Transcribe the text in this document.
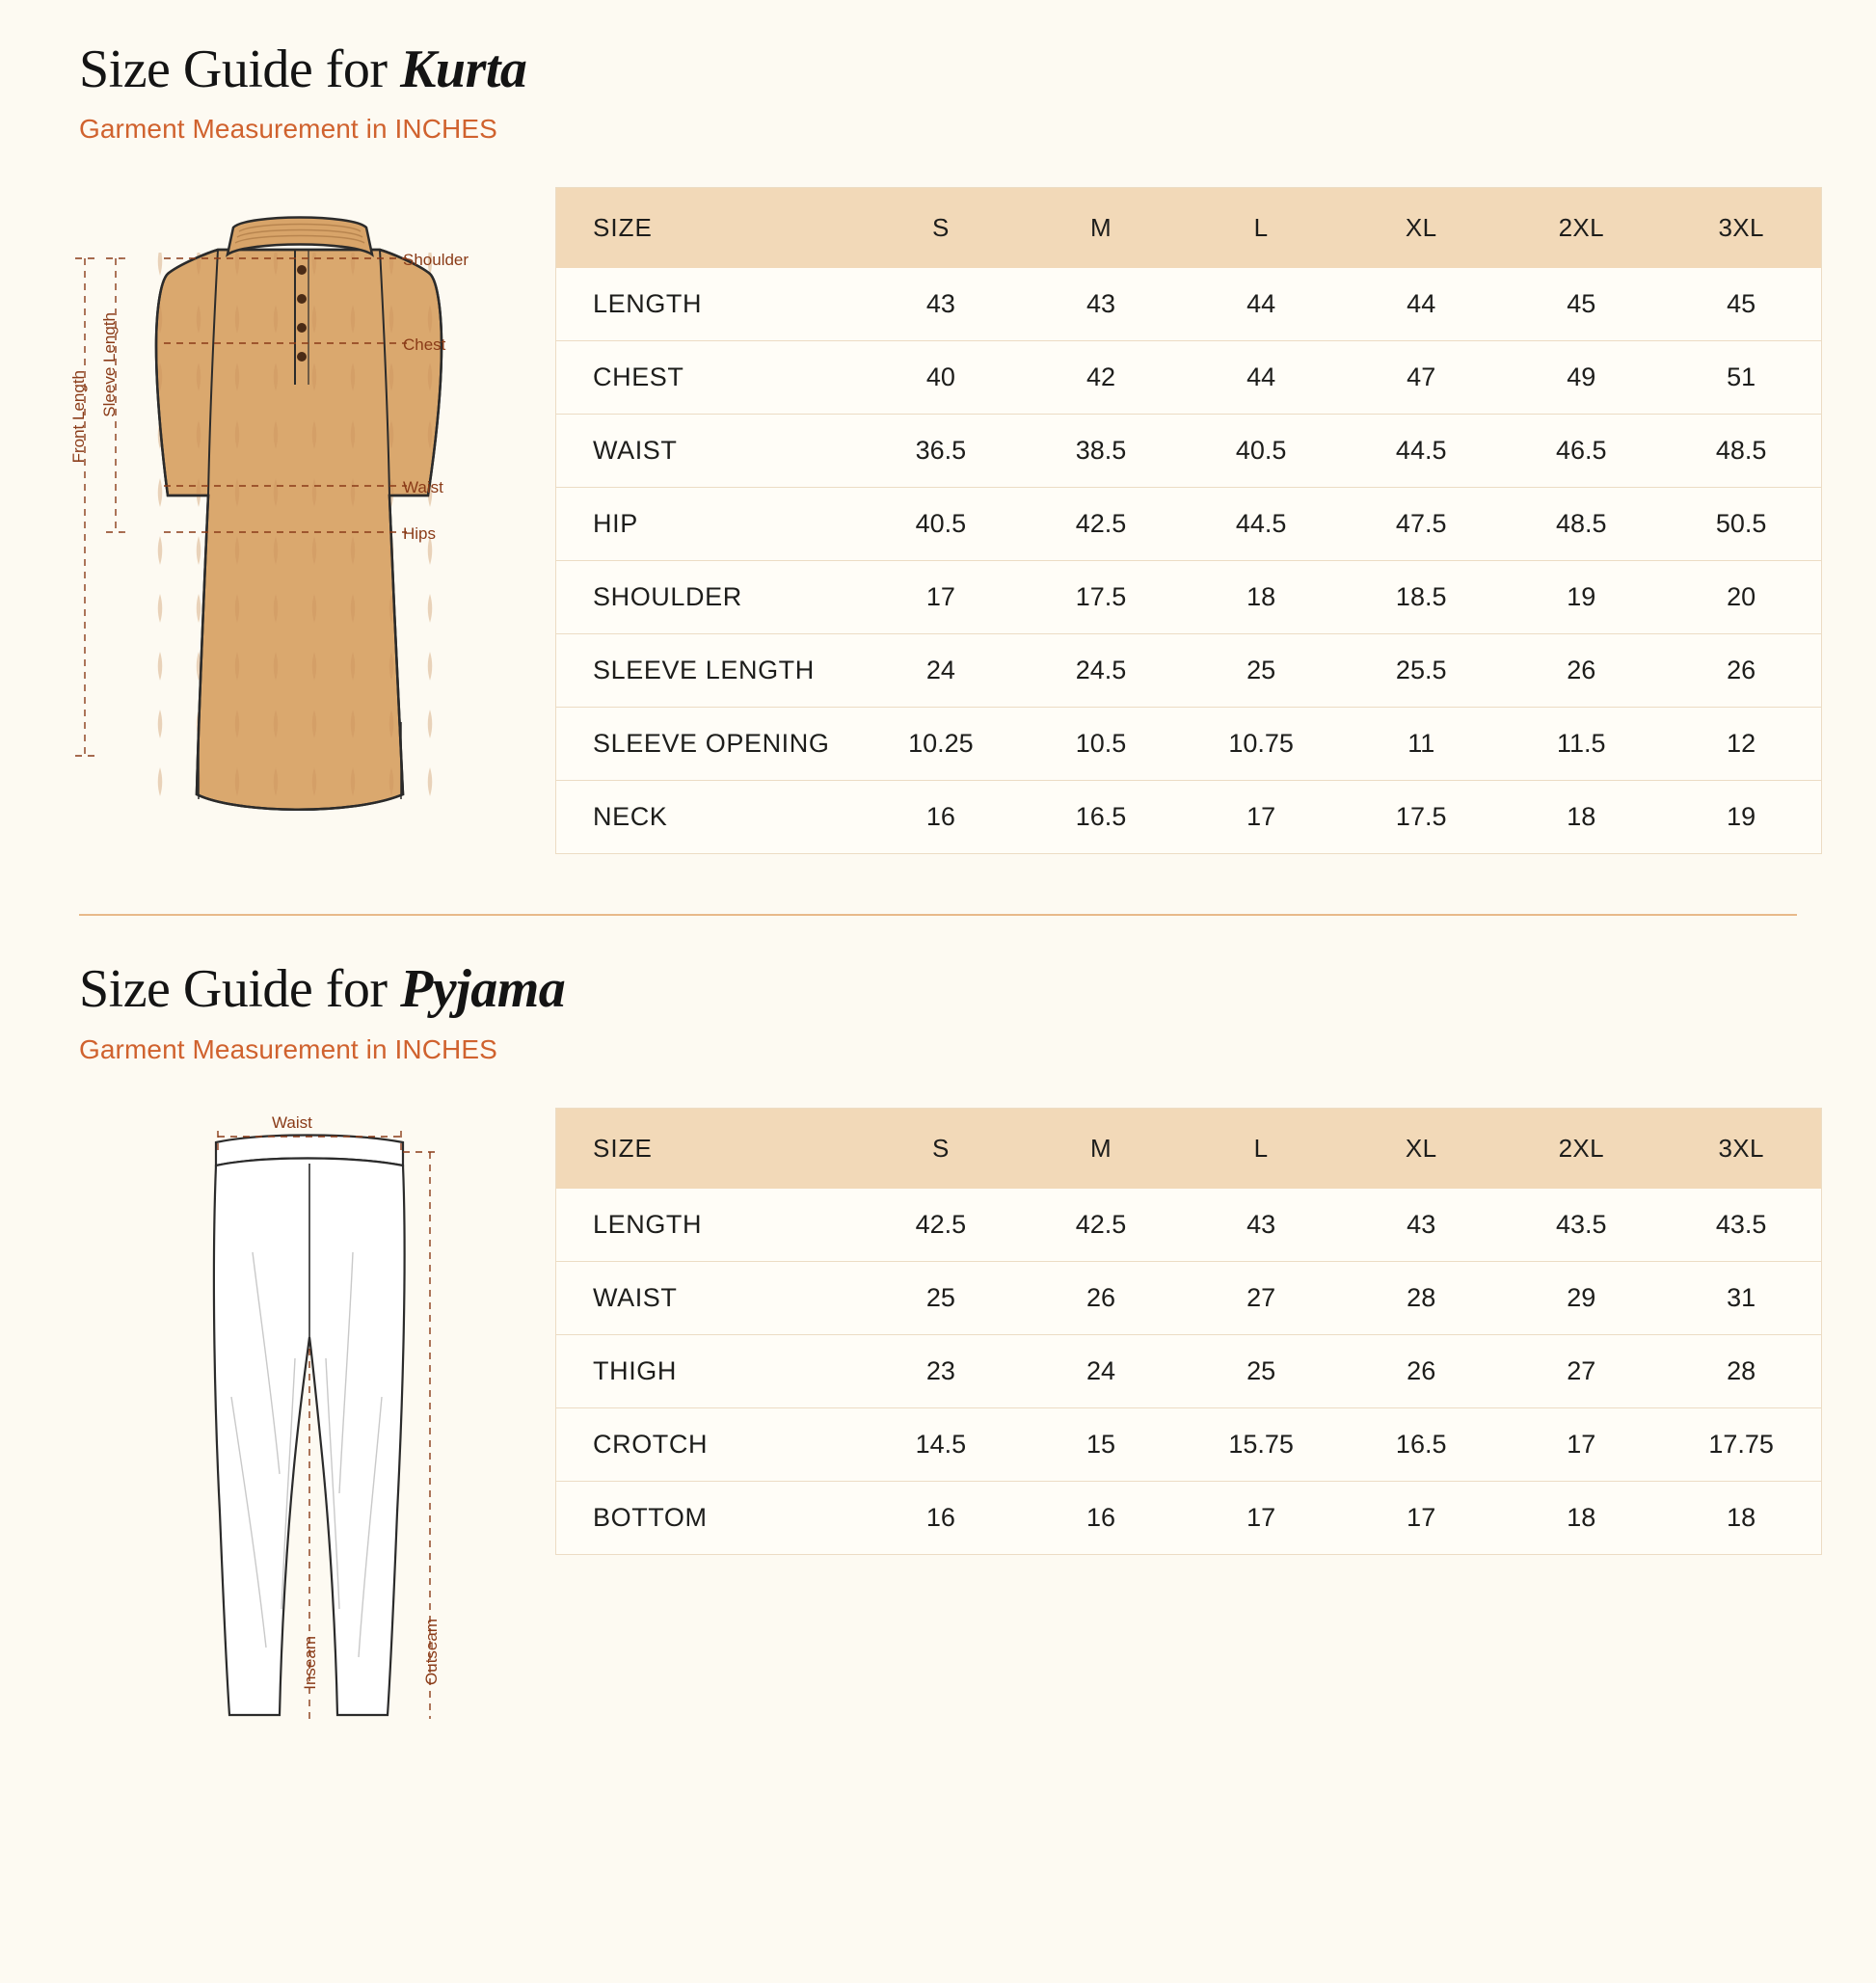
Size Guide for Kurta
Garment Measurement in INCHES
Shoulder
Chest
Waist
Hips
Front Length Sleeve Length
SIZE	S	M	L	XL	2XL	3XL
LENGTH	43	43	44	44	45	45
CHEST	40	42	44	47	49	51
WAIST	36.5	38.5	40.5	44.5	46.5	48.5
HIP	40.5	42.5	44.5	47.5	48.5	50.5
SHOULDER	17	17.5	18	18.5	19	20
SLEEVE LENGTH	24	24.5	25	25.5	26	26
SLEEVE OPENING	10.25	10.5	10.75	11	11.5	12
NECK	16	16.5	17	17.5	18	19
Size Guide for Pyjama
Garment Measurement in INCHES
Waist
Inseam	Outseam
SIZE	S	M	L	XL	2XL	3XL
LENGTH	42.5	42.5	43	43	43.5	43.5
WAIST	25	26	27	28	29	31
THIGH	23	24	25	26	27	28
CROTCH	14.5	15	15.75	16.5	17	17.75
BOTTOM	16	16	17	17	18	18
